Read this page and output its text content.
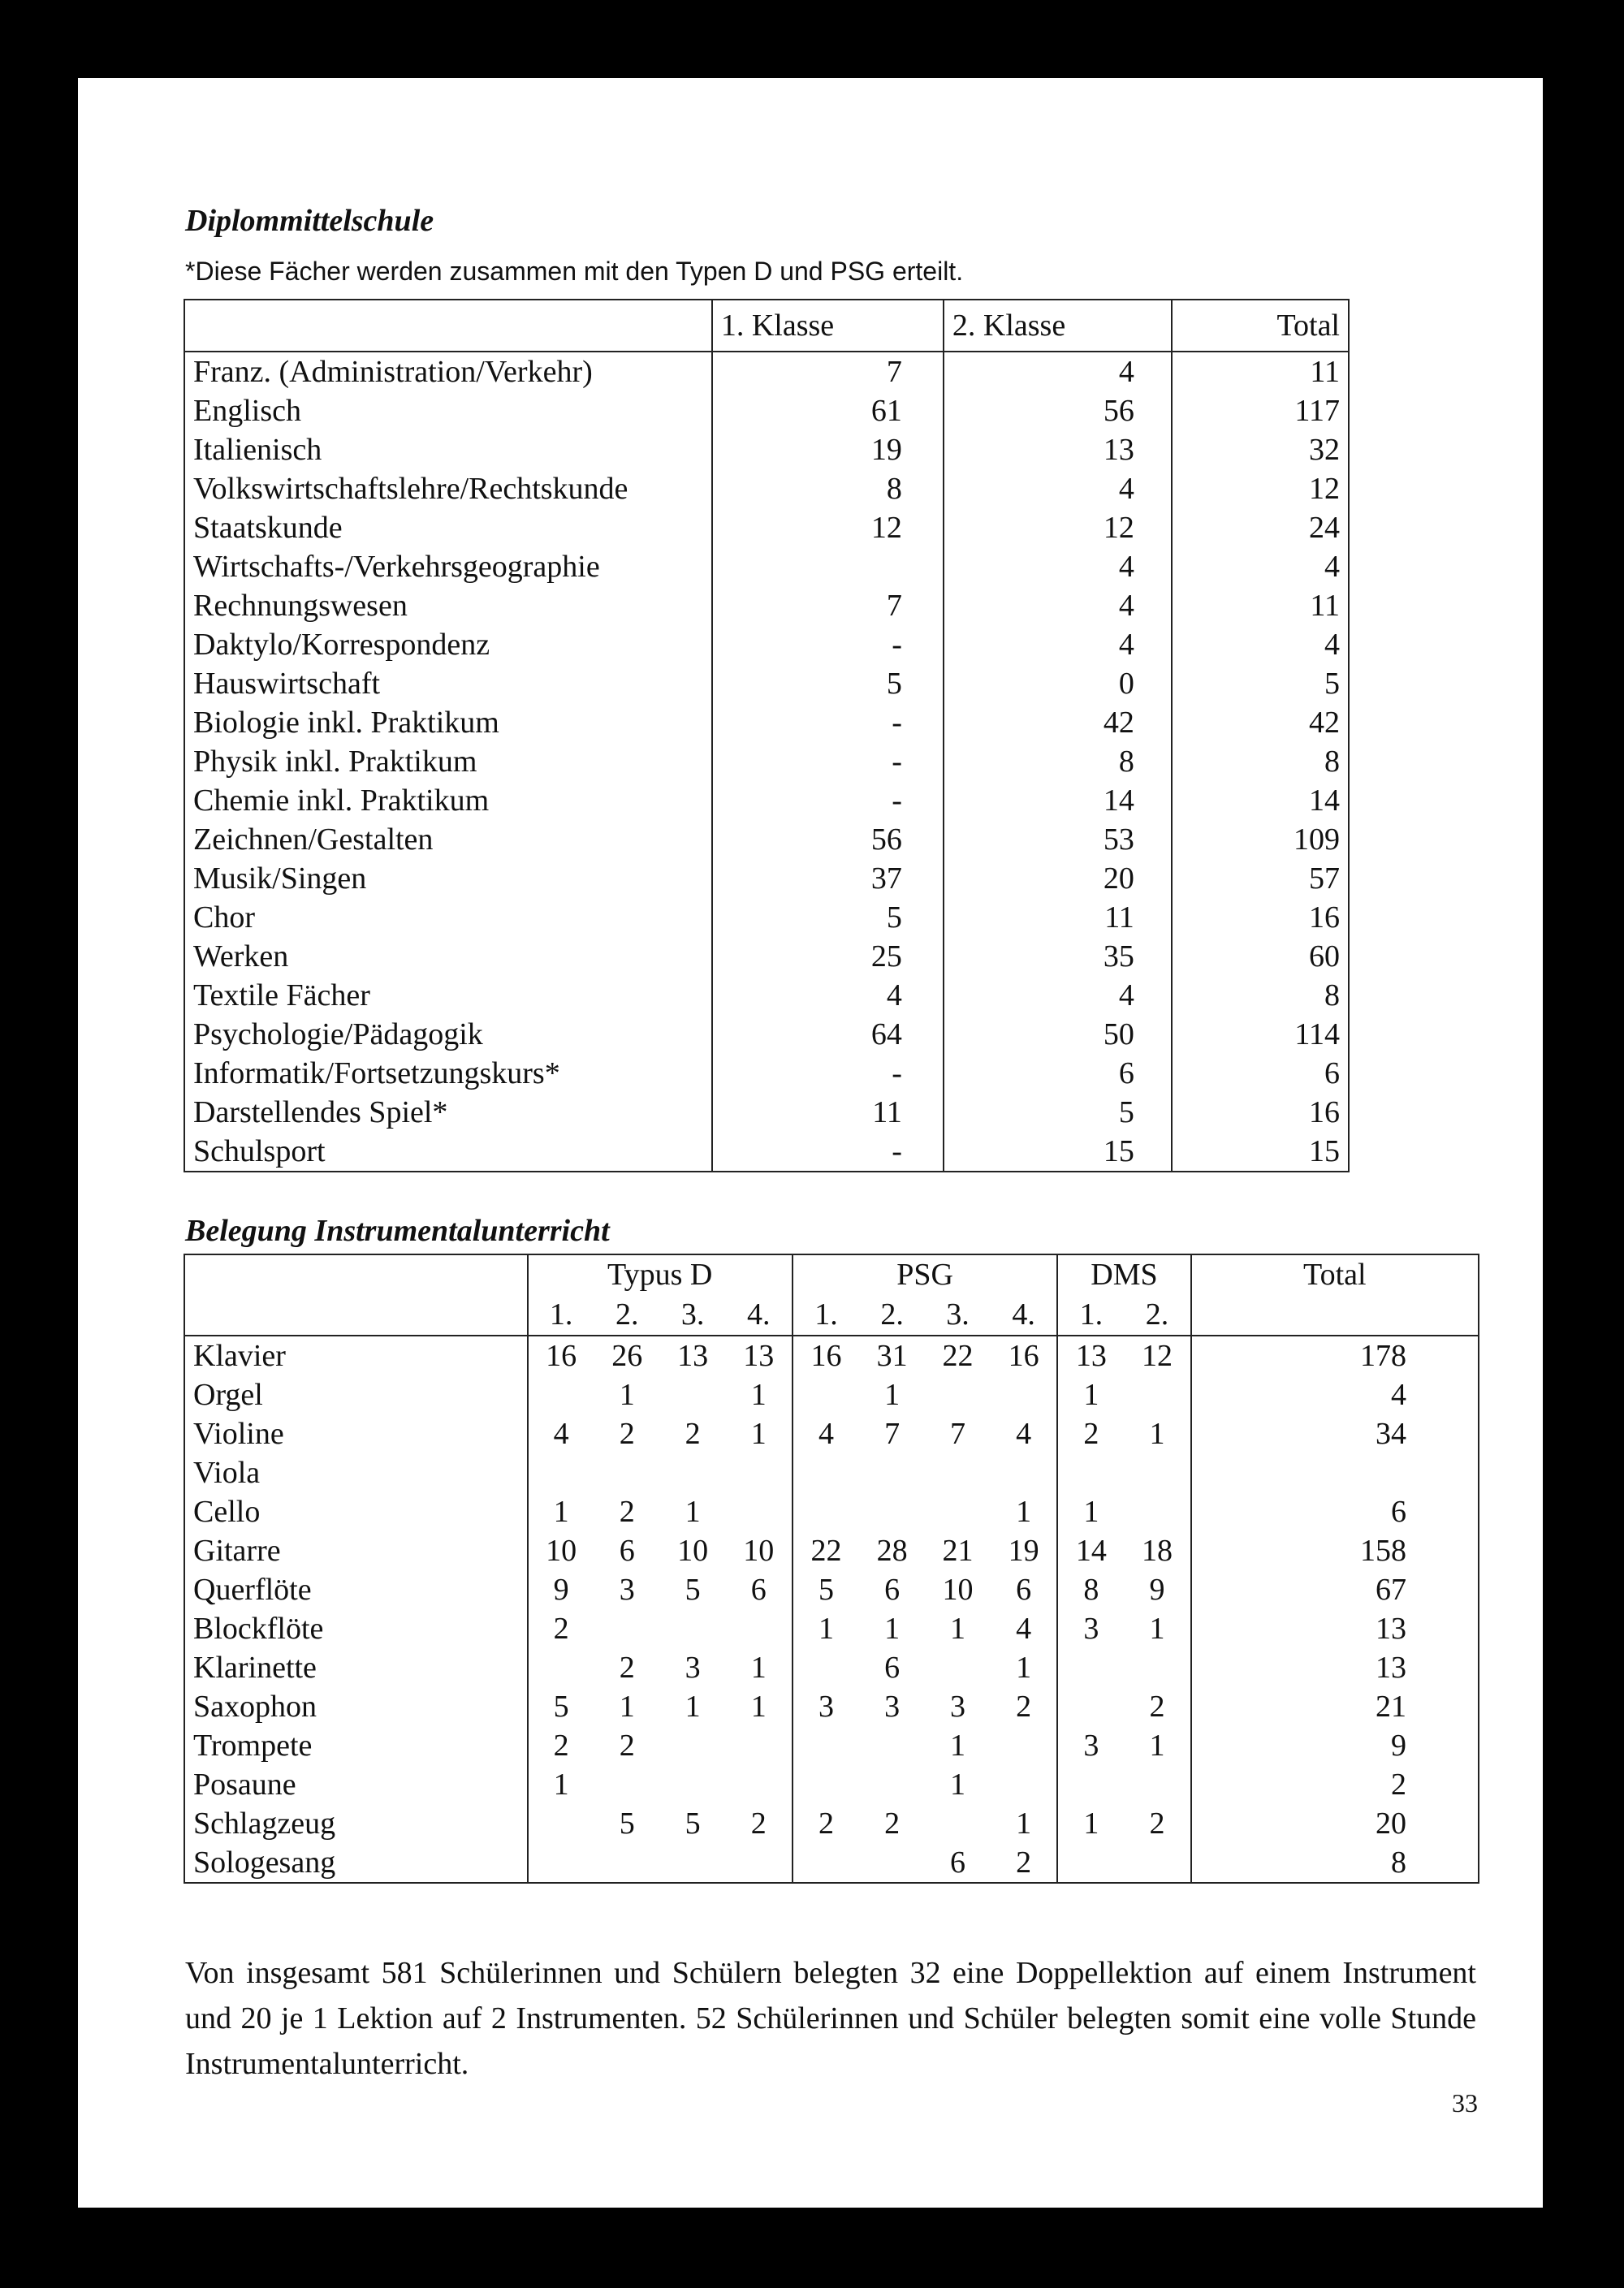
Diplommittelschule
*Diese Fächer werden zusammen mit den Typen D und PSG erteilt.
	1. Klasse	2. Klasse	Total
Franz. (Administration/Verkehr)	7	4	11
Englisch	61	56	117
Italienisch	19	13	32
Volkswirtschaftslehre/Rechtskunde	8	4	12
Staatskunde	12	12	24
Wirtschafts-/Verkehrsgeographie		4	4
Rechnungswesen	7	4	11
Daktylo/Korrespondenz	-	4	4
Hauswirtschaft	5	0	5
Biologie inkl. Praktikum	-	42	42
Physik inkl. Praktikum	-	8	8
Chemie inkl. Praktikum	-	14	14
Zeichnen/Gestalten	56	53	109
Musik/Singen	37	20	57
Chor	5	11	16
Werken	25	35	60
Textile Fächer	4	4	8
Psychologie/Pädagogik	64	50	114
Informatik/Fortsetzungskurs*	-	6	6
Darstellendes Spiel*	11	5	16
Schulsport	-	15	15
Belegung Instrumentalunterricht
	Typus D				PSG				DMS		Total
	1.	2.	3.	4.	1.	2.	3.	4.	1.	2.	
Klavier	16	26	13	13	16	31	22	16	13	12	178
Orgel		1		1		1			1		4
Violine	4	2	2	1	4	7	7	4	2	1	34
Viola											
Cello	1	2	1					1	1		6
Gitarre	10	6	10	10	22	28	21	19	14	18	158
Querflöte	9	3	5	6	5	6	10	6	8	9	67
Blockflöte	2				1	1	1	4	3	1	13
Klarinette		2	3	1		6		1			13
Saxophon	5	1	1	1	3	3	3	2		2	21
Trompete	2	2					1		3	1	9
Posaune	1						1				2
Schlagzeug		5	5	2	2	2		1	1	2	20
Sologesang							6	2			8
Von insgesamt 581 Schülerinnen und Schülern belegten 32 eine Doppellektion auf einem Instrument und 20 je 1 Lektion auf 2 Instrumenten. 52 Schülerinnen und Schüler belegten somit eine volle Stunde Instrumentalunterricht.
33
